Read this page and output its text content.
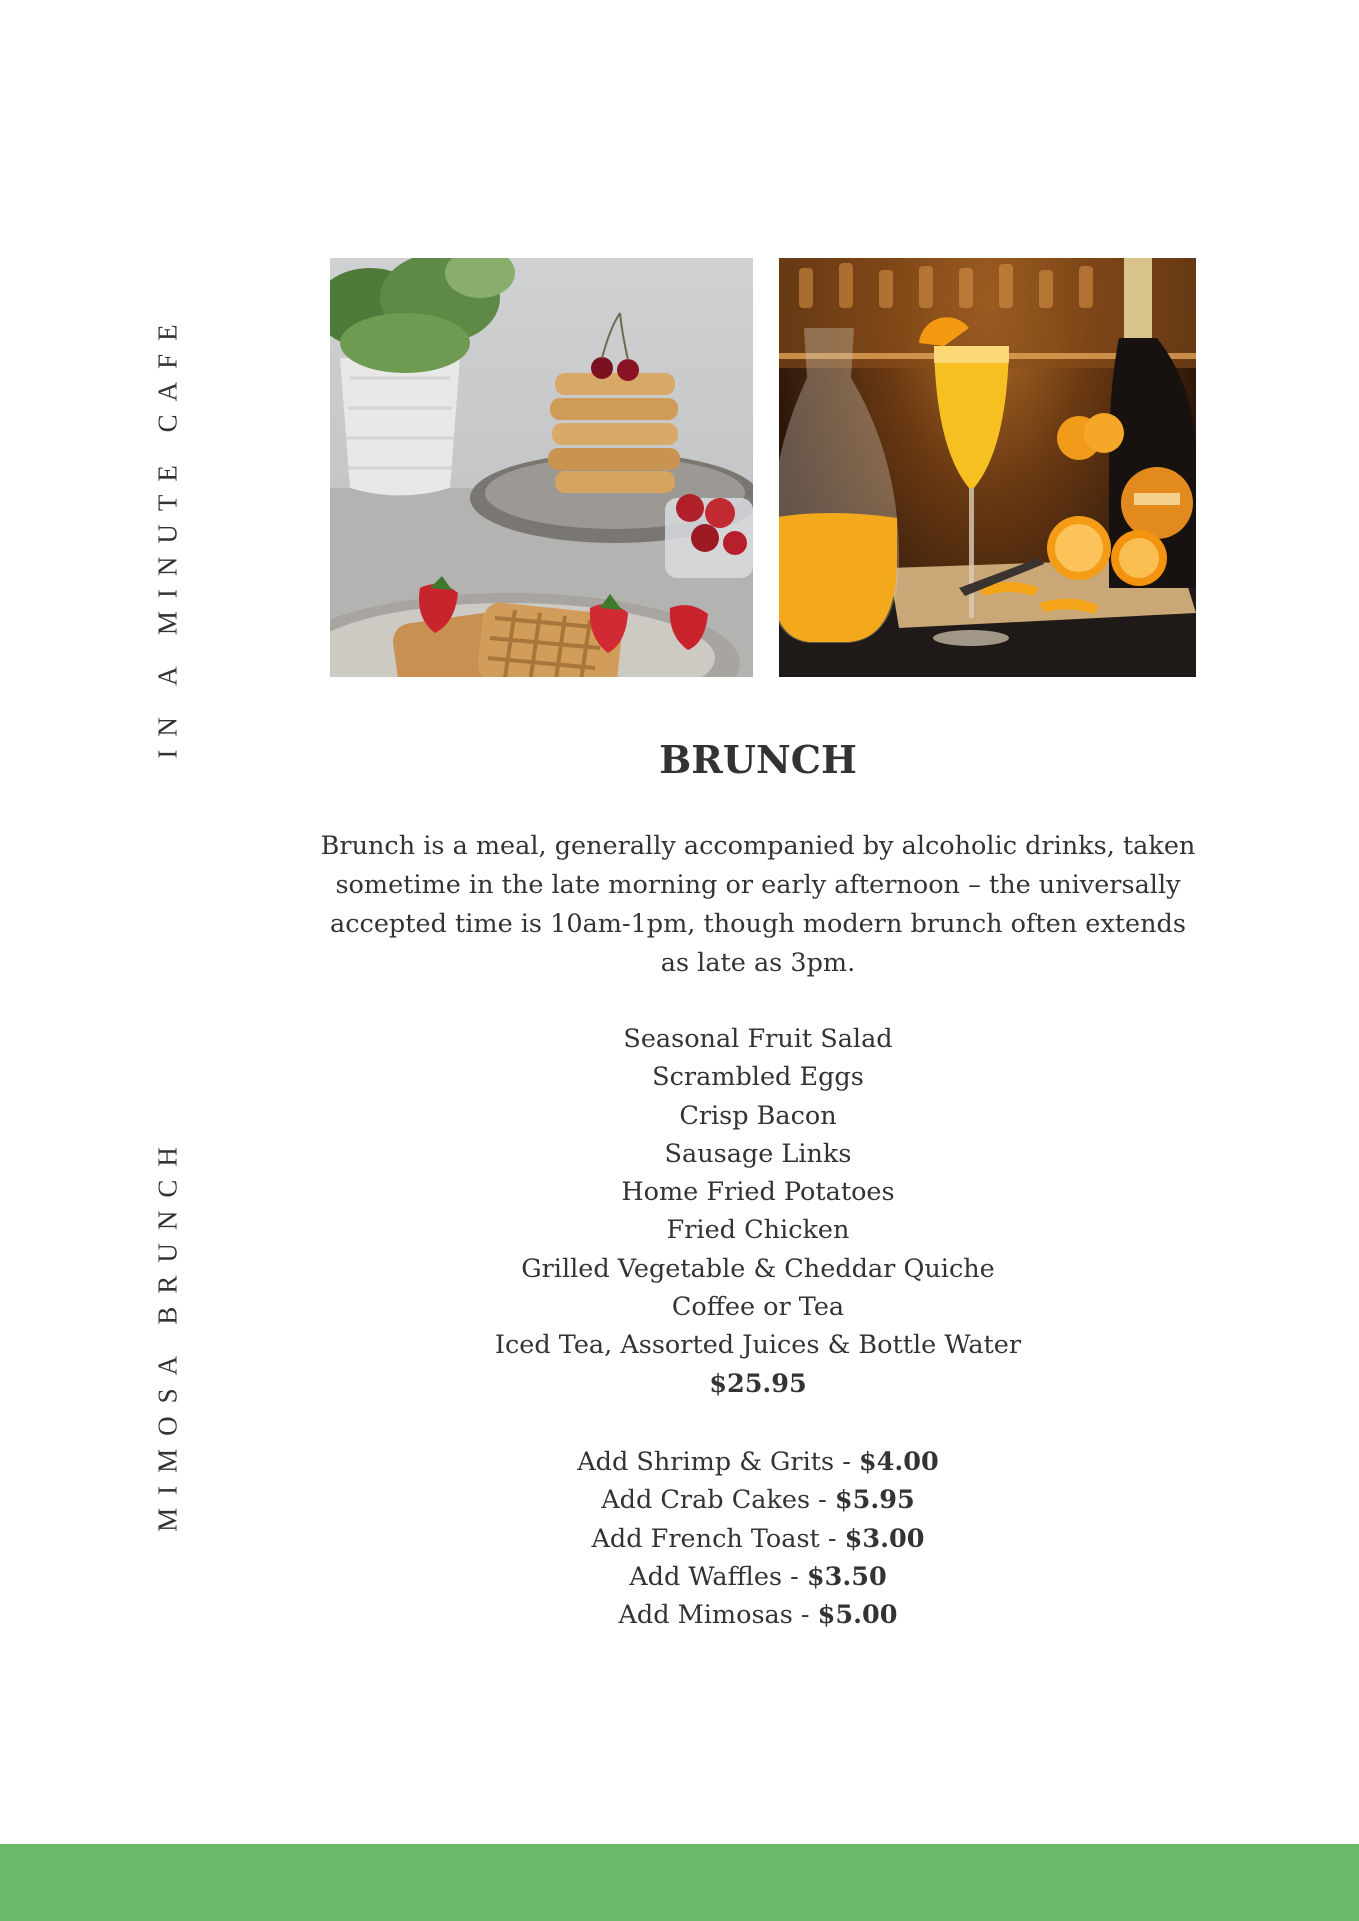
IN A MINUTE CAFE
MIMOSA BRUNCH
BRUNCH
Brunch is a meal, generally accompanied by alcoholic drinks, taken sometime in the late morning or early afternoon – the universally accepted time is 10am-1pm, though modern brunch often extends as late as 3pm.
Seasonal Fruit Salad
Scrambled Eggs
Crisp Bacon
Sausage Links
Home Fried Potatoes
Fried Chicken
Grilled Vegetable & Cheddar Quiche
Coffee or Tea
Iced Tea, Assorted Juices & Bottle Water
$25.95
Add Shrimp & Grits - $4.00
Add Crab Cakes - $5.95
Add French Toast - $3.00
Add Waffles - $3.50
Add Mimosas - $5.00
